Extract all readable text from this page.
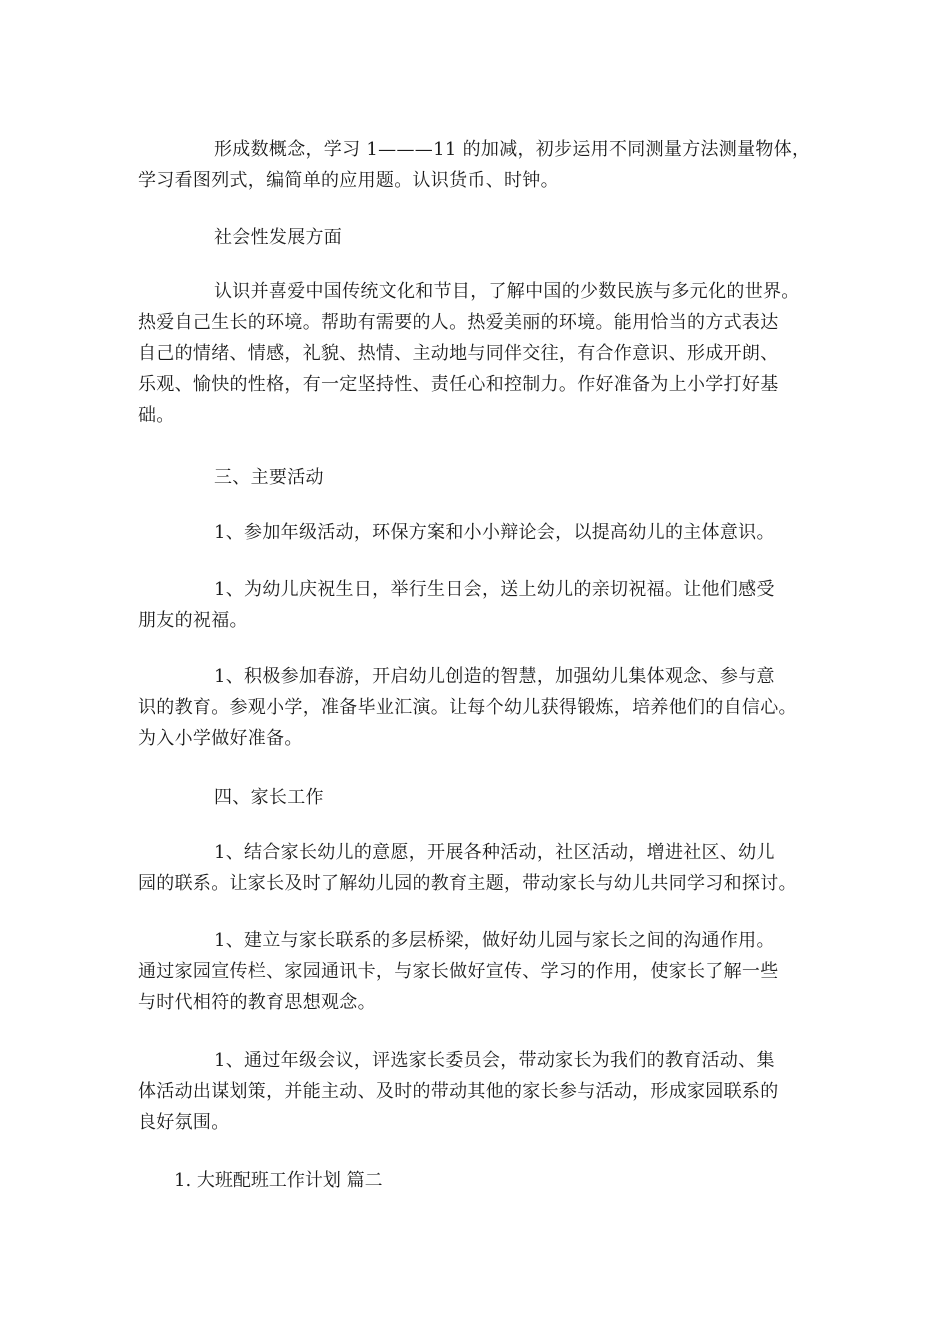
形成数概念，学习 1———11 的加减，初步运用不同测量方法测量物体，
学习看图列式，编简单的应用题。认识货币、时钟。

社会性发展方面

认识并喜爱中国传统文化和节目，了解中国的少数民族与多元化的世界。
热爱自己生长的环境。帮助有需要的人。热爱美丽的环境。能用恰当的方式表达
自己的情绪、情感，礼貌、热情、主动地与同伴交往，有合作意识、形成开朗、
乐观、愉快的性格，有一定坚持性、责任心和控制力。作好准备为上小学打好基
础。

三、主要活动

1、参加年级活动，环保方案和小小辩论会，以提高幼儿的主体意识。

1、为幼儿庆祝生日，举行生日会，送上幼儿的亲切祝福。让他们感受
朋友的祝福。

1、积极参加春游，开启幼儿创造的智慧，加强幼儿集体观念、参与意
识的教育。参观小学，准备毕业汇演。让每个幼儿获得锻炼，培养他们的自信心。
为入小学做好准备。

四、家长工作

1、结合家长幼儿的意愿，开展各种活动，社区活动，增进社区、幼儿
园的联系。让家长及时了解幼儿园的教育主题，带动家长与幼儿共同学习和探讨。

1、建立与家长联系的多层桥梁，做好幼儿园与家长之间的沟通作用。
通过家园宣传栏、家园通讯卡，与家长做好宣传、学习的作用，使家长了解一些
与时代相符的教育思想观念。

1、通过年级会议，评选家长委员会，带动家长为我们的教育活动、集
体活动出谋划策，并能主动、及时的带动其他的家长参与活动，形成家园联系的
良好氛围。

1. 大班配班工作计划 篇二
